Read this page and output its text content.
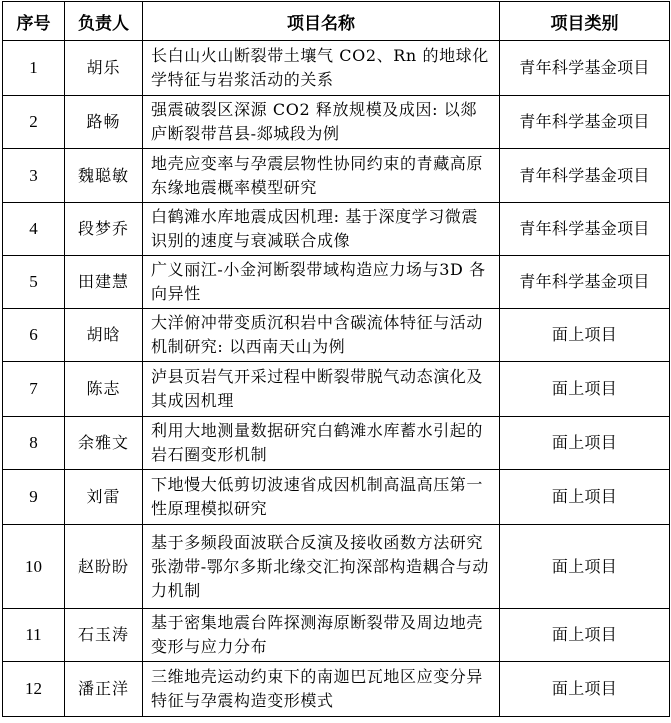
序号	负责人	项目名称	项目类别
1	胡乐	长白山火山断裂带土壤气 CO2、Rn 的地球化学特征与岩浆活动的关系	青年科学基金项目
2	路畅	强震破裂区深源 CO2 释放规模及成因: 以郯庐断裂带莒县-郯城段为例	青年科学基金项目
3	魏聪敏	地壳应变率与孕震层物性协同约束的青藏高原东缘地震概率模型研究	青年科学基金项目
4	段梦乔	白鹤滩水库地震成因机理: 基于深度学习微震识别的速度与衰减联合成像	青年科学基金项目
5	田建慧	广义丽江-小金河断裂带域构造应力场与3D 各向异性	青年科学基金项目
6	胡晗	大洋俯冲带变质沉积岩中含碳流体特征与活动机制研究: 以西南天山为例	面上项目
7	陈志	泸县页岩气开采过程中断裂带脱气动态演化及其成因机理	面上项目
8	余雅文	利用大地测量数据研究白鹤滩水库蓄水引起的岩石圈变形机制	面上项目
9	刘雷	下地慢大低剪切波速省成因机制高温高压第一性原理模拟研究	面上项目
10	赵盼盼	基于多频段面波联合反演及接收函数方法研究张渤带-鄂尔多斯北缘交汇拘深部构造耦合与动力机制	面上项目
11	石玉涛	基于密集地震台阵探测海原断裂带及周边地壳变形与应力分布	面上项目
12	潘正洋	三维地壳运动约束下的南迦巴瓦地区应变分异特征与孕震构造变形模式	面上项目
